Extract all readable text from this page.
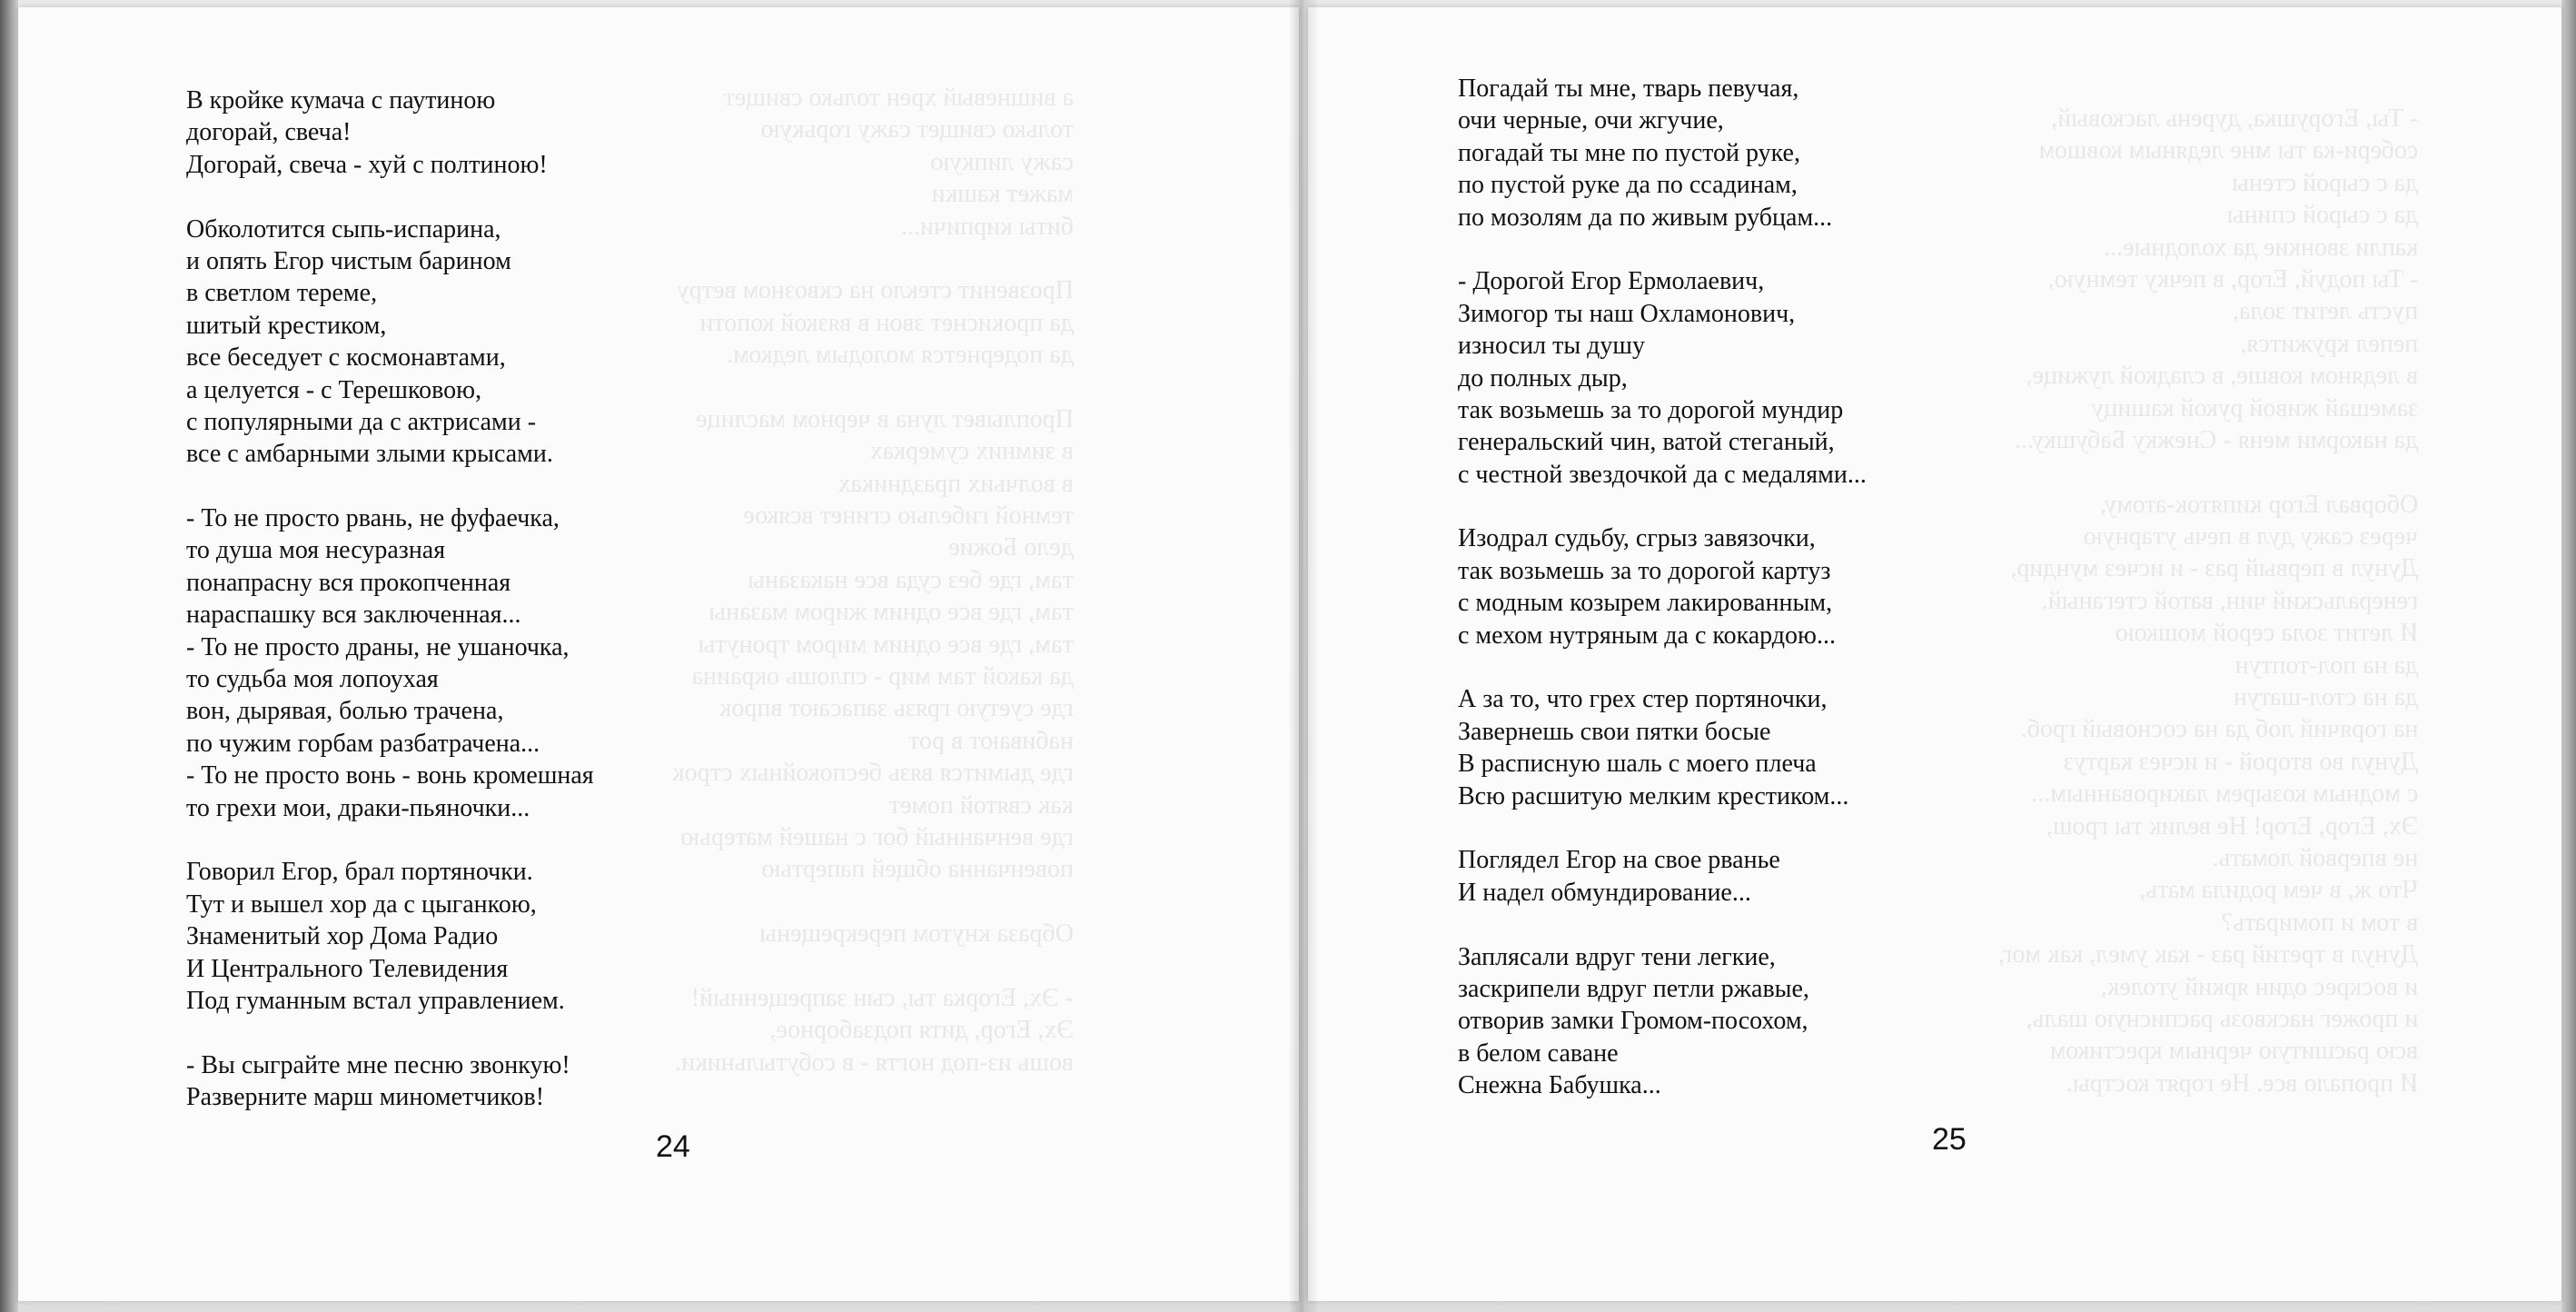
а вишневый хрен только свищет
только свищет сажу горькую
сажу липкую
мажет кашки
биты кирпичи...
Прозвенит стекло на сквозном ветру
да прокиснет звон в вязкой копоти
да подернется молодым ледком.
Проплывет луна в черном маслице
в зимних сумерках
в волчьих праздниках
темной гибелью сгинет всякое
дело Божие
там, где без суда все наказаны
там, где все одним жиром мазаны
там, где все одним миром тронуты
да какой там мир - сплошь окраина
где суетую грязь запасают впрок
набивают в рот
где дымится вязь беспокойных строк
как святой помет
где венчанный бог с нашей матерью
повенчанна общей папертью
Образа кнутом перекрещены
- Эх, Егорка ты, сын запрещенный!
Эх, Егор, дитя подзаборное,
вошь из-под ногтя - в собутыльники.
В кройке кумача с паутиною
догорай, свеча!
Догорай, свеча - хуй с полтиною!
Обколотится сыпь-испарина,
и опять Егор чистым барином
в светлом тереме,
шитый крестиком,
все беседует с космонавтами,
а целуется - с Терешковою,
с популярными да с актрисами -
все с амбарными злыми крысами.
- То не просто рвань, не фуфаечка,
то душа моя несуразная
понапрасну вся прокопченная
нараспашку вся заключенная...
- То не просто драны, не ушаночка,
то судьба моя лопоухая
вон, дырявая, болью трачена,
по чужим горбам разбатрачена...
- То не просто вонь - вонь кромешная
то грехи мои, драки-пьяночки...
Говорил Егор, брал портяночки.
Тут и вышел хор да с цыганкою,
Знаменитый хор Дома Радио
И Центрального Телевидения
Под гуманным встал управлением.
- Вы сыграйте мне песню звонкую!
Разверните марш минометчиков!
24
- Ты, Егорушка, дурень ласковый,
собери-ка ты мне ледяным ковшом
да с сырой стены
да с сырой спины
капли звонкие да холодные...
- Ты подуй, Егор, в печку темную,
пусть летит зола,
пепел кружится,
в ледяном ковше, в сладкой лужице,
замешай живой рукой кашицу
да накорми меня - Снежку Бабушку...
Оборвал Егор кипяток-атому,
через сажу дул в печь утарную
Дунул в первый раз - и исчез мундир,
генеральский чин, ватой стеганый.
И летит зола серой мошкою
да на пол-топтун
да на стол-шатун
на горячий лоб да на сосновый гроб.
Дунул во второй - и исчез картуз
с модным козырем лакированным...
Эх, Егор, Егор! Не велик ты грош,
не впервой ломать.
Что ж, в чем родила мать,
в том и помирать?
Дунул в третий раз - как умел, как мог,
и воскрес один яркий уголек,
и прожег насквозь расписную шаль,
всю расшитую черным крестиком
И пропало все. Не горят костры.
Погадай ты мне, тварь певучая,
очи черные, очи жгучие,
погадай ты мне по пустой руке,
по пустой руке да по ссадинам,
по мозолям да по живым рубцам...
- Дорогой Егор Ермолаевич,
Зимогор ты наш Охламонович,
износил ты душу
до полных дыр,
так возьмешь за то дорогой мундир
генеральский чин, ватой стеганый,
с честной звездочкой да с медалями...
Изодрал судьбу, сгрыз завязочки,
так возьмешь за то дорогой картуз
с модным козырем лакированным,
с мехом нутряным да с кокардою...
А за то, что грех стер портяночки,
Завернешь свои пятки босые
В расписную шаль с моего плеча
Всю расшитую мелким крестиком...
Поглядел Егор на свое рванье
И надел обмундирование...
Заплясали вдруг тени легкие,
заскрипели вдруг петли ржавые,
отворив замки Громом-посохом,
в белом саване
Снежна Бабушка...
25
